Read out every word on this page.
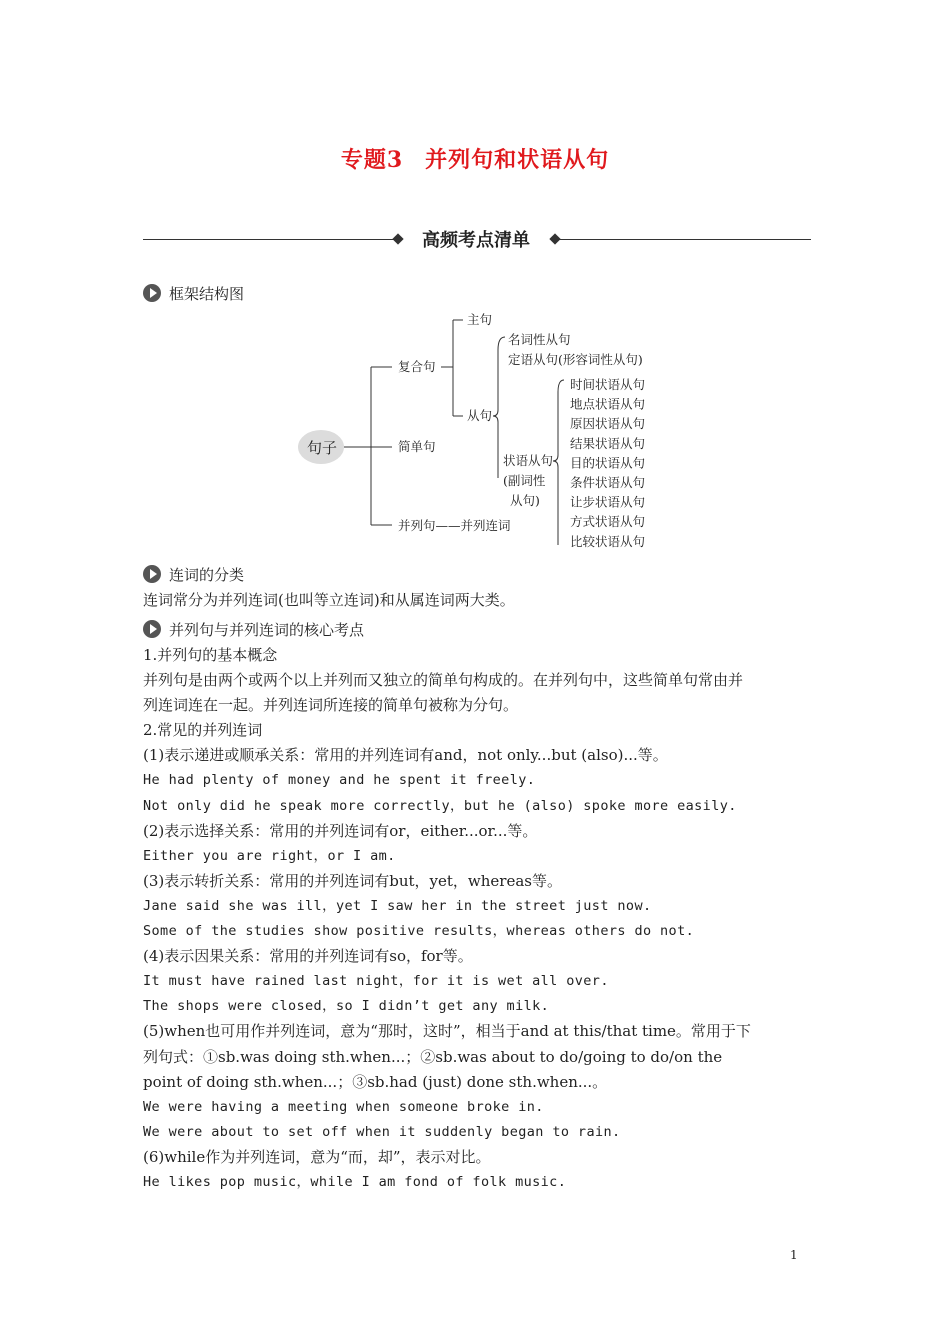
专题3 并列句和状语从句
高频考点清单
框架结构图
句子
复合句
简单句
并列句——并列连词
主句
从句
名词性从句
定语从句(形容词性从句)
状语从句
(副词性
从句)
时间状语从句
地点状语从句
原因状语从句
结果状语从句
目的状语从句
条件状语从句
让步状语从句
方式状语从句
比较状语从句
连词的分类
连词常分为并列连词(也叫等立连词)和从属连词两大类。
并列句与并列连词的核心考点
1.并列句的基本概念
并列句是由两个或两个以上并列而又独立的简单句构成的。在并列句中，这些简单句常由并
列连词连在一起。并列连词所连接的简单句被称为分句。
2.常见的并列连词
(1)表示递进或顺承关系：常用的并列连词有and，not only...but (also)...等。
He had plenty of money and he spent it freely.
Not only did he speak more correctly，but he (also) spoke more easily.
(2)表示选择关系：常用的并列连词有or，either...or...等。
Either you are right，or I am.
(3)表示转折关系：常用的并列连词有but，yet，whereas等。
Jane said she was ill，yet I saw her in the street just now.
Some of the studies show positive results，whereas others do not.
(4)表示因果关系：常用的并列连词有so，for等。
It must have rained last night，for it is wet all over.
The shops were closed，so I didn’t get any milk.
(5)when也可用作并列连词，意为“那时，这时”，相当于and at this/that time。常用于下
列句式：①sb.was doing sth.when...；②sb.was about to do/going to do/on the
point of doing sth.when...；③sb.had (just) done sth.when...。
We were having a meeting when someone broke in.
We were about to set off when it suddenly began to rain.
(6)while作为并列连词，意为“而，却”，表示对比。
He likes pop music，while I am fond of folk music.
1
